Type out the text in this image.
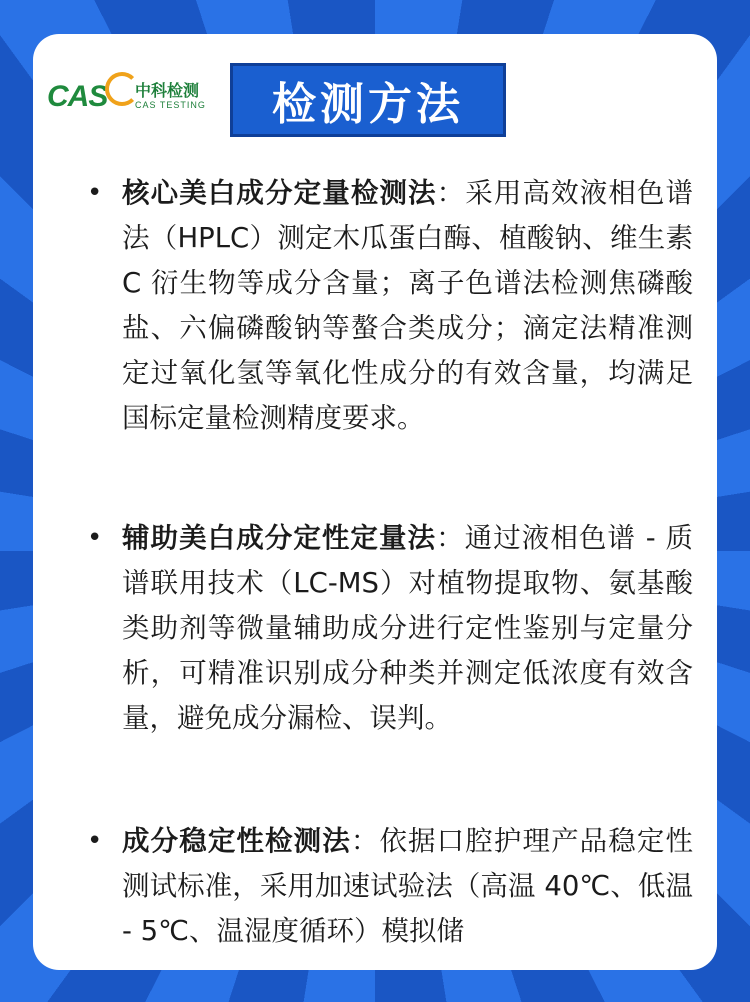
CAS 中科检测
CAS TESTING	检测方法
• 核心美白成分定量检测法：采用高效液相色谱法（HPLC）测定木瓜蛋白酶、植酸钠、维生素 C 衍生物等成分含量；离子色谱法检测焦磷酸盐、六偏磷酸钠等螯合类成分；滴定法精准测定过氧化氢等氧化性成分的有效含量，均满足国标定量检测精度要求。
• 辅助美白成分定性定量法：通过液相色谱 - 质谱联用技术（LC-MS）对植物提取物、氨基酸类助剂等微量辅助成分进行定性鉴别与定量分析，可精准识别成分种类并测定低浓度有效含量，避免成分漏检、误判。
• 成分稳定性检测法：依据口腔护理产品稳定性测试标准，采用加速试验法（高温 40℃、低温 - 5℃、温湿度循环）模拟储
